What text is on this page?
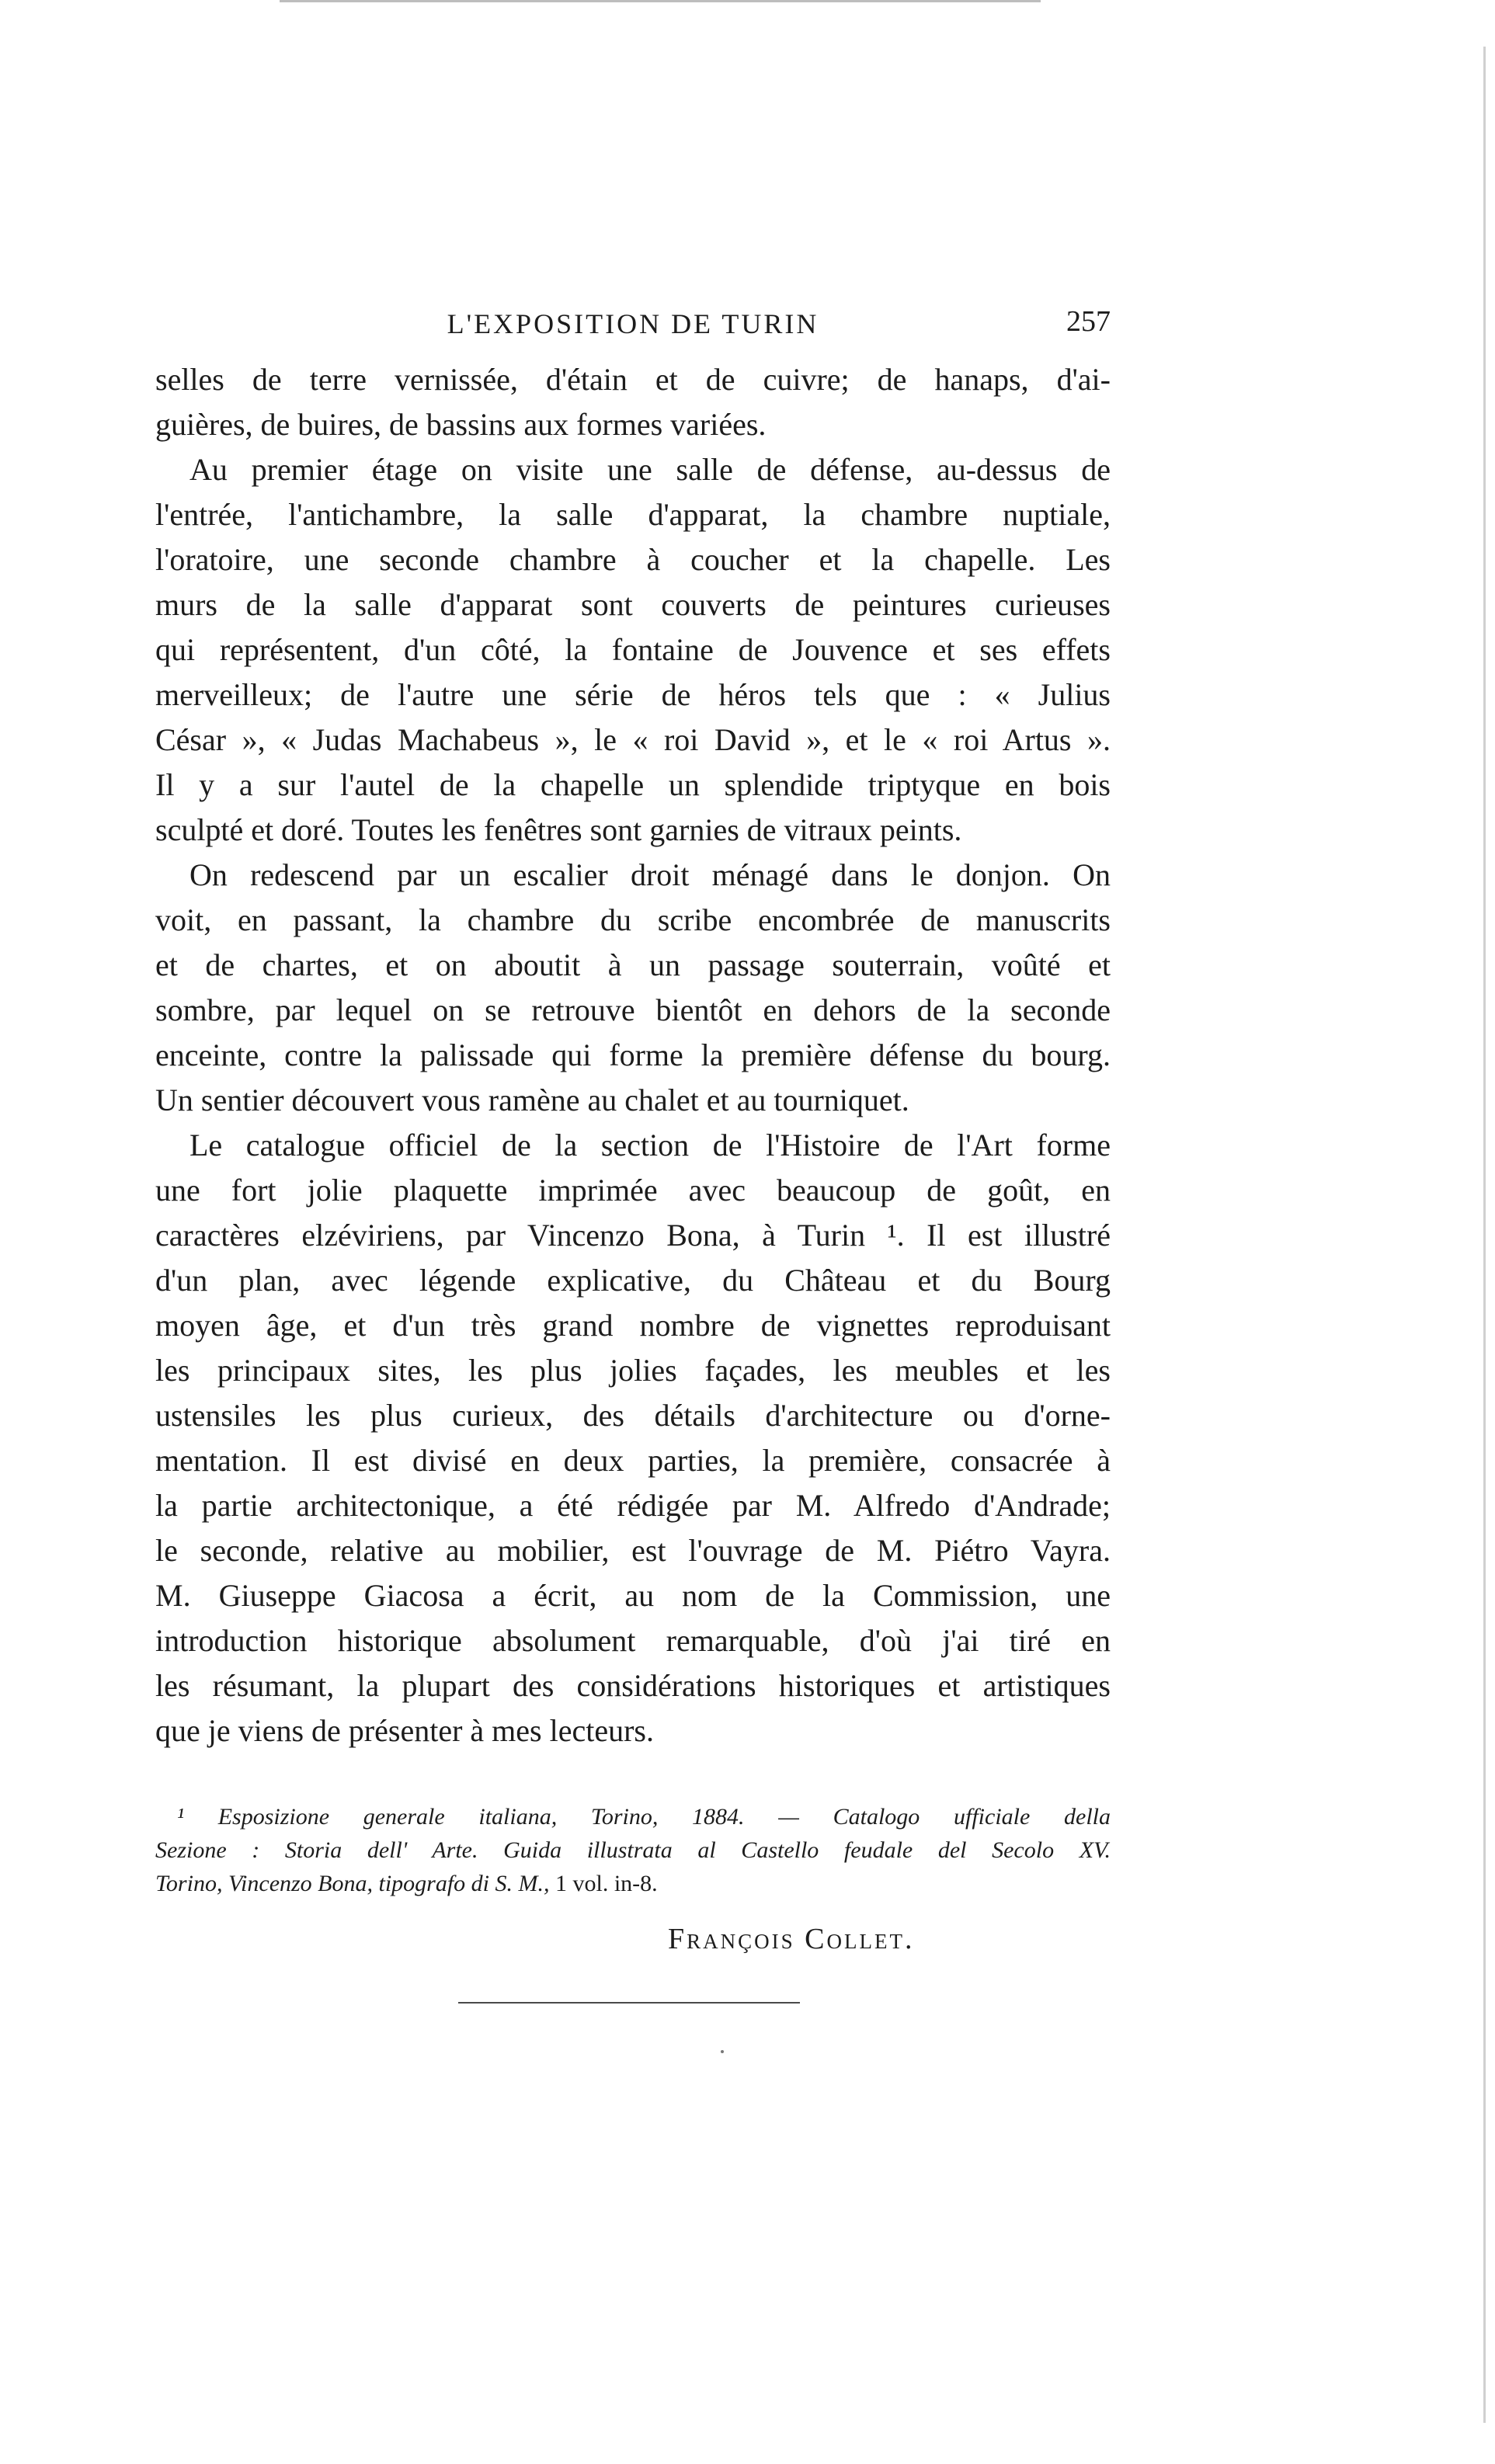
L'EXPOSITION DE TURIN	257
selles de terre vernissée, d'étain et de cuivre; de hanaps, d'ai-
guières, de buires, de bassins aux formes variées.
Au premier étage on visite une salle de défense, au-dessus de
l'entrée, l'antichambre, la salle d'apparat, la chambre nuptiale,
l'oratoire, une seconde chambre à coucher et la chapelle. Les
murs de la salle d'apparat sont couverts de peintures curieuses
qui représentent, d'un côté, la fontaine de Jouvence et ses effets
merveilleux; de l'autre une série de héros tels que : « Julius
César », « Judas Machabeus », le « roi David », et le « roi Artus ».
Il y a sur l'autel de la chapelle un splendide triptyque en bois
sculpté et doré. Toutes les fenêtres sont garnies de vitraux peints.
On redescend par un escalier droit ménagé dans le donjon. On
voit, en passant, la chambre du scribe encombrée de manuscrits
et de chartes, et on aboutit à un passage souterrain, voûté et
sombre, par lequel on se retrouve bientôt en dehors de la seconde
enceinte, contre la palissade qui forme la première défense du bourg.
Un sentier découvert vous ramène au chalet et au tourniquet.
Le catalogue officiel de la section de l'Histoire de l'Art forme
une fort jolie plaquette imprimée avec beaucoup de goût, en
caractères elzéviriens, par Vincenzo Bona, à Turin ¹. Il est illustré
d'un plan, avec légende explicative, du Château et du Bourg
moyen âge, et d'un très grand nombre de vignettes reproduisant
les principaux sites, les plus jolies façades, les meubles et les
ustensiles les plus curieux, des détails d'architecture ou d'orne-
mentation. Il est divisé en deux parties, la première, consacrée à
la partie architectonique, a été rédigée par M. Alfredo d'Andrade;
le seconde, relative au mobilier, est l'ouvrage de M. Piétro Vayra.
M. Giuseppe Giacosa a écrit, au nom de la Commission, une
introduction historique absolument remarquable, d'où j'ai tiré en
les résumant, la plupart des considérations historiques et artistiques
que je viens de présenter à mes lecteurs.
¹ Esposizione generale italiana, Torino, 1884. — Catalogo ufficiale della
Sezione : Storia dell' Arte. Guida illustrata al Castello feudale del Secolo XV.
Torino, Vincenzo Bona, tipografo di S. M., 1 vol. in-8.
François Collet.
